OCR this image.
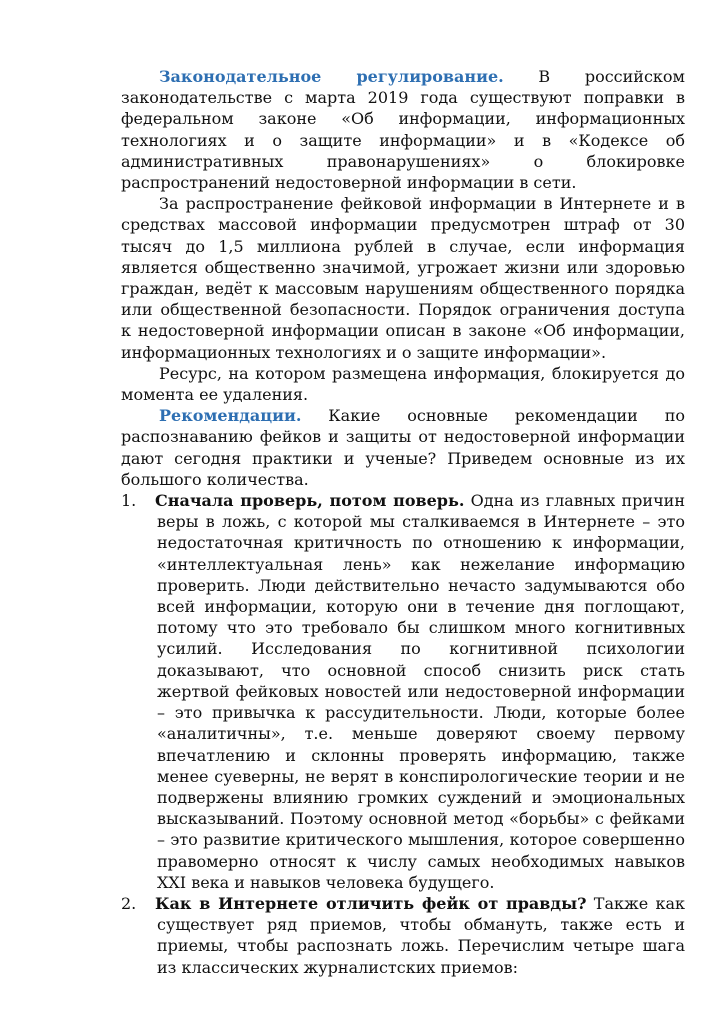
Законодательное регулирование. В российском законодательстве с марта 2019 года существуют поправки в федеральном законе «Об информации, информационных технологиях и о защите информации» и в «Кодексе об административных правонарушениях» о блокировке распространений недостоверной информации в сети.

За распространение фейковой информации в Интернете и в средствах массовой информации предусмотрен штраф от 30 тысяч до 1,5 миллиона рублей в случае, если информация является общественно значимой, угрожает жизни или здоровью граждан, ведёт к массовым нарушениям общественного порядка или общественной безопасности. Порядок ограничения доступа к недостоверной информации описан в законе «Об информации, информационных технологиях и о защите информации».

Ресурс, на котором размещена информация, блокируется до момента ее удаления.

Рекомендации. Какие основные рекомендации по распознаванию фейков и защиты от недостоверной информации дают сегодня практики и ученые? Приведем основные из их большого количества.

1. Сначала проверь, потом поверь. Одна из главных причин веры в ложь, с которой мы сталкиваемся в Интернете – это недостаточная критичность по отношению к информации, «интеллектуальная лень» как нежелание информацию проверить. Люди действительно нечасто задумываются обо всей информации, которую они в течение дня поглощают, потому что это требовало бы слишком много когнитивных усилий. Исследования по когнитивной психологии доказывают, что основной способ снизить риск стать жертвой фейковых новостей или недостоверной информации – это привычка к рассудительности. Люди, которые более «аналитичны», т.е. меньше доверяют своему первому впечатлению и склонны проверять информацию, также менее суеверны, не верят в конспирологические теории и не подвержены влиянию громких суждений и эмоциональных высказываний. Поэтому основной метод «борьбы» с фейками – это развитие критического мышления, которое совершенно правомерно относят к числу самых необходимых навыков XXI века и навыков человека будущего.

2. Как в Интернете отличить фейк от правды? Также как существует ряд приемов, чтобы обмануть, также есть и приемы, чтобы распознать ложь. Перечислим четыре шага из классических журналистских приемов:
